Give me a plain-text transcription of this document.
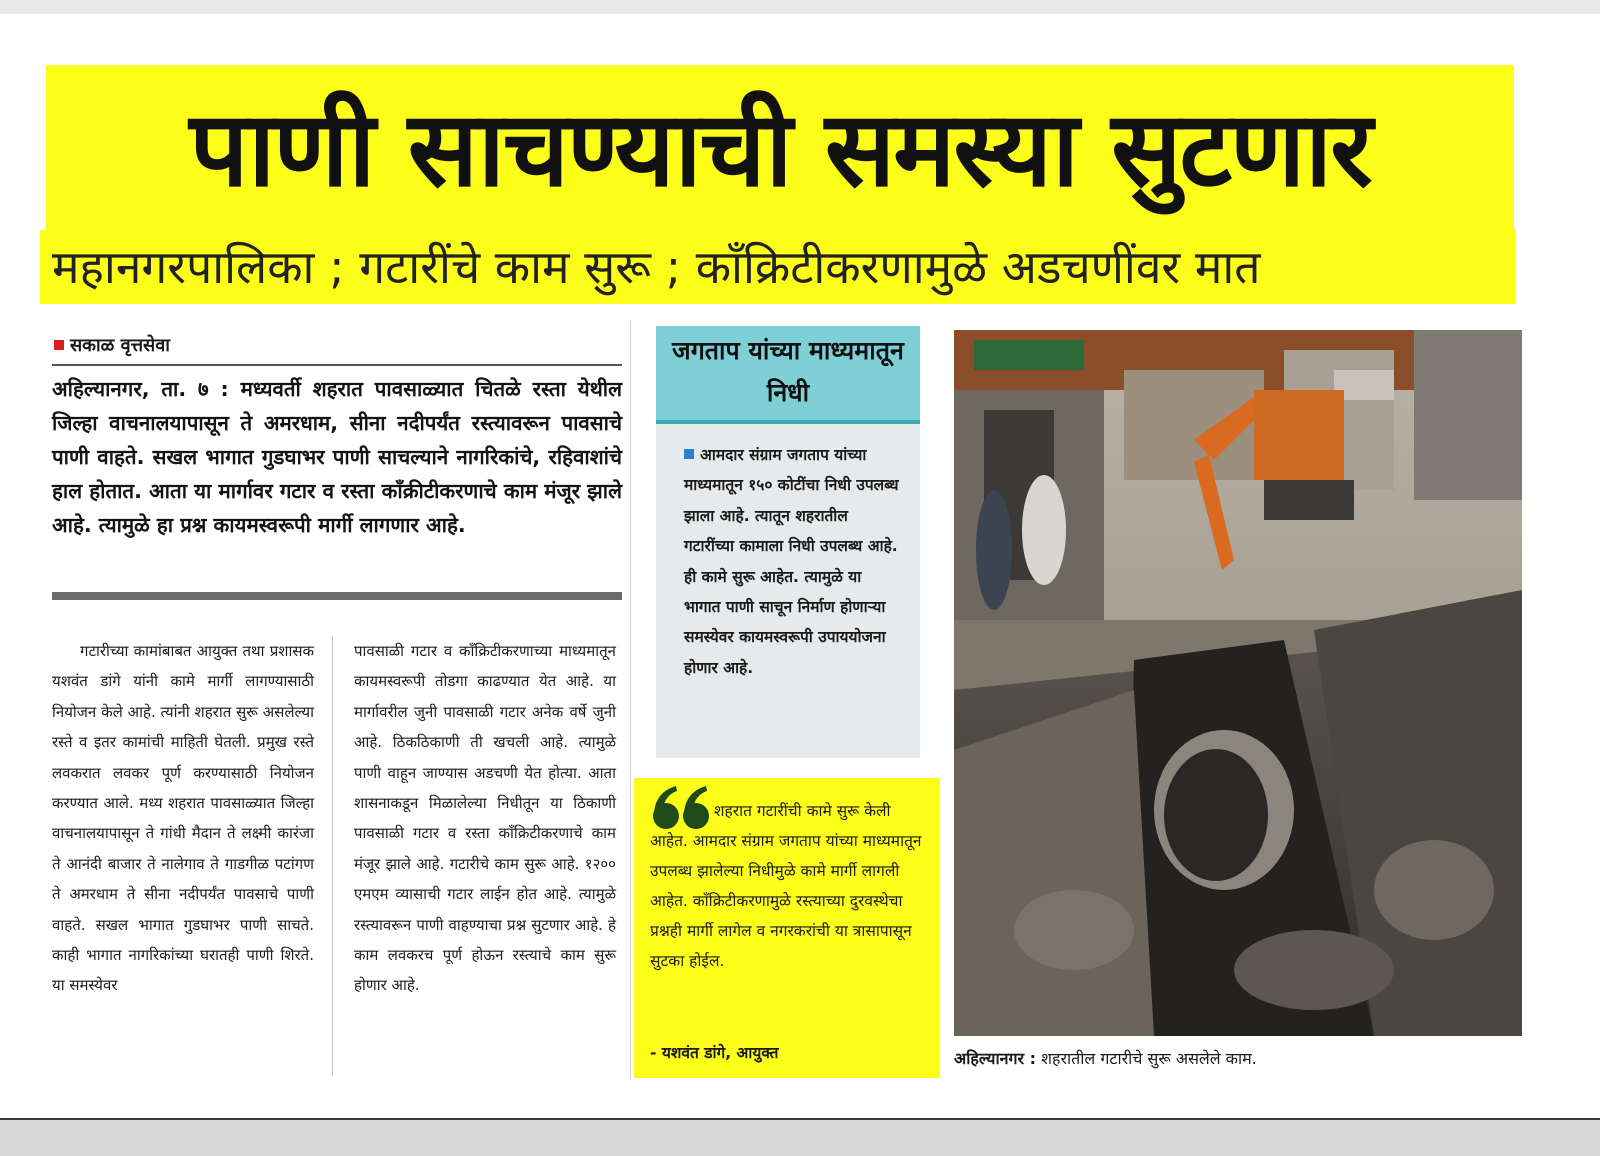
पाणी साचण्याची समस्या सुटणार
महानगरपालिका ; गटारींचे काम सुरू ; काँक्रिटीकरणामुळे अडचणींवर मात
सकाळ वृत्तसेवा

अहिल्यानगर, ता. ७ : मध्यवर्ती शहरात पावसाळ्यात चितळे रस्ता येथील जिल्हा वाचनालयापासून ते अमरधाम, सीना नदीपर्यंत रस्त्यावरून पावसाचे पाणी वाहते. सखल भागात गुडघाभर पाणी साचल्याने नागरिकांचे, रहिवाशांचे हाल होतात. आता या मार्गावर गटार व रस्ता काँक्रीटीकरणाचे काम मंजूर झाले आहे. त्यामुळे हा प्रश्न कायमस्वरूपी मार्गी लागणार आहे.

गटारीच्या कामांबाबत आयुक्त तथा प्रशासक यशवंत डांगे यांनी कामे मार्गी लागण्यासाठी नियोजन केले आहे. त्यांनी शहरात सुरू असलेल्या रस्ते व इतर कामांची माहिती घेतली. प्रमुख रस्ते लवकरात लवकर पूर्ण करण्यासाठी नियोजन करण्यात आले. मध्य शहरात पावसाळ्यात जिल्हा वाचनालयापासून ते गांधी मैदान ते लक्ष्मी कारंजा ते आनंदी बाजार ते नालेगाव ते गाडगीळ पटांगण ते अमरधाम ते सीना नदीपर्यंत पावसाचे पाणी वाहते. सखल भागात गुडघाभर पाणी साचते. काही भागात नागरिकांच्या घरातही पाणी शिरते. या समस्येवर

पावसाळी गटार व काँक्रिटीकरणाच्या माध्यमातून कायमस्वरूपी तोडगा काढण्यात येत आहे. या मार्गावरील जुनी पावसाळी गटार अनेक वर्षे जुनी आहे. ठिकठिकाणी ती खचली आहे. त्यामुळे पाणी वाहून जाण्यास अडचणी येत होत्या. आता शासनाकडून मिळालेल्या निधीतून या ठिकाणी पावसाळी गटार व रस्ता काँक्रिटीकरणाचे काम मंजूर झाले आहे. गटारीचे काम सुरू आहे. १२०० एमएम व्यासाची गटार लाईन होत आहे. त्यामुळे रस्त्यावरून पाणी वाहण्याचा प्रश्न सुटणार आहे. हे काम लवकरच पूर्ण होऊन रस्त्याचे काम सुरू होणार आहे.

जगताप यांच्या माध्यमातून निधी

आमदार संग्राम जगताप यांच्या माध्यमातून १५० कोटींचा निधी उपलब्ध झाला आहे. त्यातून शहरातील गटारींच्या कामाला निधी उपलब्ध आहे. ही कामे सुरू आहेत. त्यामुळे या भागात पाणी साचून निर्माण होणाऱ्या समस्येवर कायमस्वरूपी उपाययोजना होणार आहे.

शहरात गटारींची कामे सुरू केली आहेत. आमदार संग्राम जगताप यांच्या माध्यमातून उपलब्ध झालेल्या निधीमुळे कामे मार्गी लागली आहेत. काँक्रिटीकरणामुळे रस्त्याच्या दुरवस्थेचा प्रश्नही मार्गी लागेल व नगरकरांची या त्रासापासून सुटका होईल.

- यशवंत डांगे, आयुक्त	अहिल्यानगर : शहरातील गटारीचे सुरू असलेले काम.
